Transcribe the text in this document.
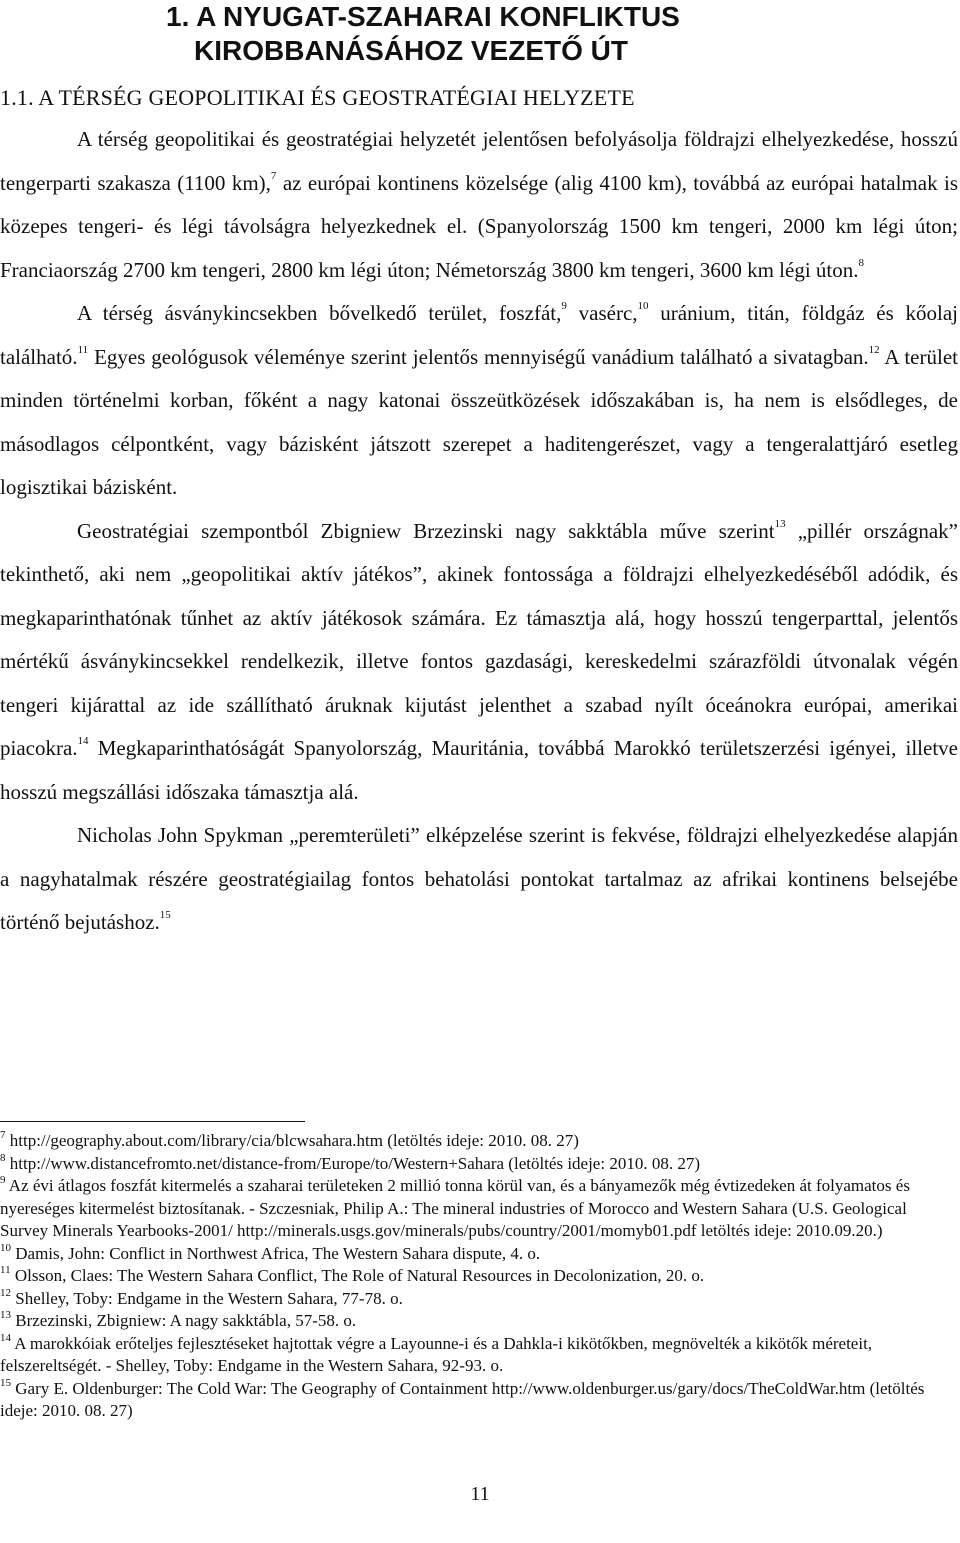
1. A NYUGAT-SZAHARAI KONFLIKTUS
KIROBBANÁSÁHOZ VEZETŐ ÚT
1.1. A TÉRSÉG GEOPOLITIKAI ÉS GEOSTRATÉGIAI HELYZETE

A térség geopolitikai és geostratégiai helyzetét jelentősen befolyásolja földrajzi elhelyezkedése, hosszú tengerparti szakasza (1100 km),$^7$ az európai kontinens közelsége (alig 4100 km), továbbá az európai hatalmak is közepes tengeri- és légi távolságra helyezkednek el. (Spanyolország 1500 km tengeri, 2000 km légi úton; Franciaország 2700 km tengeri, 2800 km légi úton; Németország 3800 km tengeri, 3600 km légi úton.$^8$

A térség ásványkincsekben bővelkedő terület, foszfát,$^9$ vasérc,$^{10}$ uránium, titán, földgáz és kőolaj található.$^{11}$ Egyes geológusok véleménye szerint jelentős mennyiségű vanádium található a sivatagban.$^{12}$ A terület minden történelmi korban, főként a nagy katonai összeütközések időszakában is, ha nem is elsődleges, de másodlagos célpontként, vagy bázisként játszott szerepet a haditengerészet, vagy a tengeralattjáró esetleg logisztikai bázisként.

Geostratégiai szempontból Zbigniew Brzezinski nagy sakktábla műve szerint$^{13}$ „pillér országnak” tekinthető, aki nem „geopolitikai aktív játékos”, akinek fontossága a földrajzi elhelyezkedéséből adódik, és megkaparinthatónak tűnhet az aktív játékosok számára. Ez támasztja alá, hogy hosszú tengerparttal, jelentős mértékű ásványkincsekkel rendelkezik, illetve fontos gazdasági, kereskedelmi szárazföldi útvonalak végén tengeri kijárattal az ide szállítható áruknak kijutást jelenthet a szabad nyílt óceánokra európai, amerikai piacokra.$^{14}$ Megkaparinthatóságát Spanyolország, Mauritánia, továbbá Marokkó területszerzési igényei, illetve hosszú megszállási időszaka támasztja alá.

Nicholas John Spykman „peremterületi” elképzelése szerint is fekvése, földrajzi elhelyezkedése alapján a nagyhatalmak részére geostratégiailag fontos behatolási pontokat tartalmaz az afrikai kontinens belsejébe történő bejutáshoz.$^{15}$

$^7$ http://geography.about.com/library/cia/blcwsahara.htm (letöltés ideje: 2010. 08. 27)

$^8$ http://www.distancefromto.net/distance-from/Europe/to/Western+Sahara (letöltés ideje: 2010. 08. 27)

$^9$ Az évi átlagos foszfát kitermelés a szaharai területeken 2 millió tonna körül van, és a bányamezők még évtizedeken át folyamatos és nyereséges kitermelést biztosítanak. - Szczesniak, Philip A.: The mineral industries of Morocco and Western Sahara (U.S. Geological Survey Minerals Yearbooks-2001/ http://minerals.usgs.gov/minerals/pubs/country/2001/momyb01.pdf letöltés ideje: 2010.09.20.)

$^{10}$ Damis, John: Conflict in Northwest Africa, The Western Sahara dispute, 4. o.

$^{11}$ Olsson, Claes: The Western Sahara Conflict, The Role of Natural Resources in Decolonization, 20. o.

$^{12}$ Shelley, Toby: Endgame in the Western Sahara, 77-78. o.

$^{13}$ Brzezinski, Zbigniew: A nagy sakktábla, 57-58. o.

$^{14}$ A marokkóiak erőteljes fejlesztéseket hajtottak végre a Layounne-i és a Dahkla-i kikötőkben, megnövelték a kikötők méreteit, felszereltségét. - Shelley, Toby: Endgame in the Western Sahara, 92-93. o.

$^{15}$ Gary E. Oldenburger: The Cold War: The Geography of Containment http://www.oldenburger.us/gary/docs/TheColdWar.htm (letöltés ideje: 2010. 08. 27)

11
